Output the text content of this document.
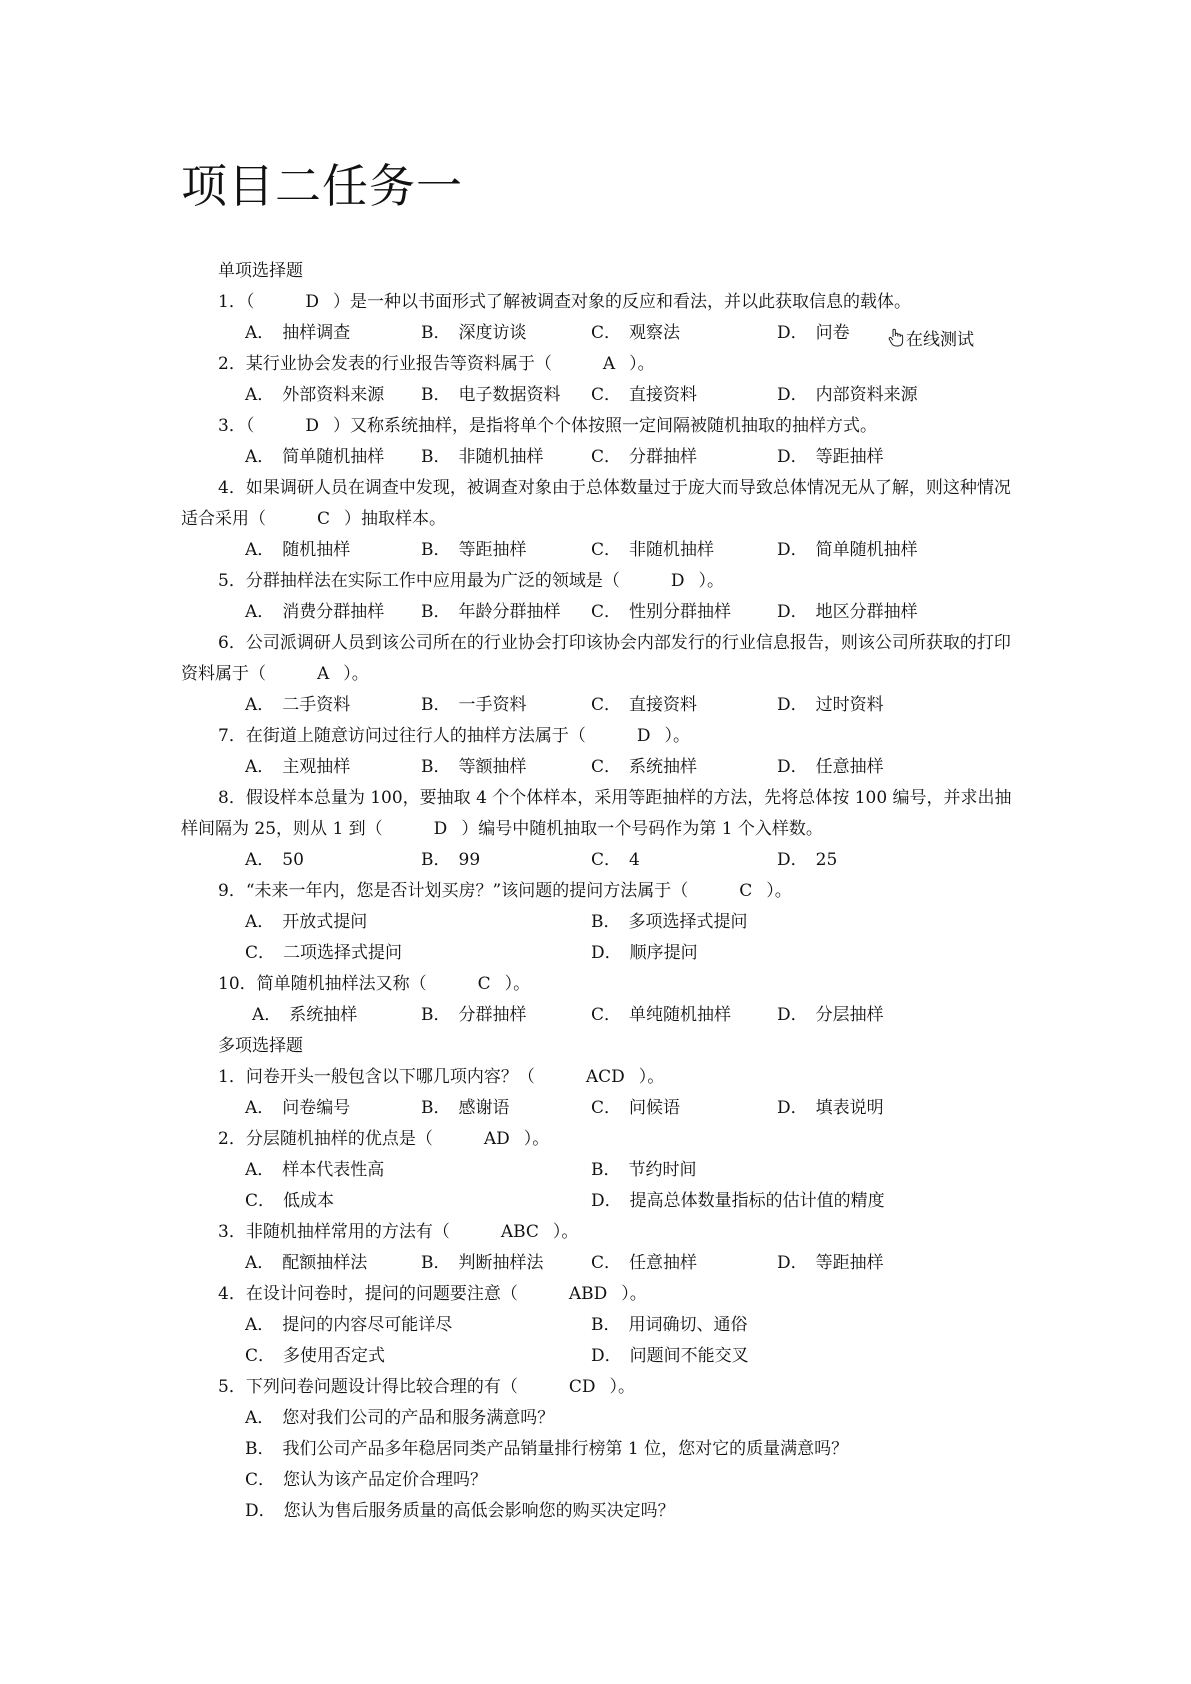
项目二任务一
在线测试
单项选择题
1．（	D ）是一种以书面形式了解被调查对象的反应和看法，并以此获取信息的载体。
A． 抽样调查	B． 深度访谈	C． 观察法	D． 问卷
2．某行业协会发表的行业报告等资料属于（	A ）。
A． 外部资料来源 B． 电子数据资料 C． 直接资料	D． 内部资料来源
3．（	D ）又称系统抽样，是指将单个个体按照一定间隔被随机抽取的抽样方式。
A． 简单随机抽样 B． 非随机抽样	C． 分群抽样	D． 等距抽样
4．如果调研人员在调查中发现，被调查对象由于总体数量过于庞大而导致总体情况无从了解，则这种情况适合采用（	C ）抽取样本。
A． 随机抽样	B． 等距抽样	C． 非随机抽样	D． 简单随机抽样
5．分群抽样法在实际工作中应用最为广泛的领域是（	D ）。
A． 消费分群抽样 B． 年龄分群抽样 C． 性别分群抽样	D． 地区分群抽样
6．公司派调研人员到该公司所在的行业协会打印该协会内部发行的行业信息报告，则该公司所获取的打印资料属于（	A ）。
A． 二手资料	B． 一手资料	C． 直接资料	D． 过时资料
7．在街道上随意访问过往行人的抽样方法属于（	D ）。
A． 主观抽样	B． 等额抽样	C． 系统抽样	D． 任意抽样
8．假设样本总量为 100，要抽取 4 个个体样本，采用等距抽样的方法，先将总体按 100 编号，并求出抽样间隔为 25，则从 1 到（	D ）编号中随机抽取一个号码作为第 1 个入样数。
A． 50	B． 99	C． 4	D． 25
9．“未来一年内，您是否计划买房？”该问题的提问方法属于（	C ）。
A． 开放式提问	B． 多项选择式提问
C． 二项选择式提问	D． 顺序提问
10．简单随机抽样法又称（	C ）。
A． 系统抽样	B． 分群抽样	C． 单纯随机抽样	D． 分层抽样
多项选择题
1．问卷开头一般包含以下哪几项内容？（	ACD ）。
A． 问卷编号	B． 感谢语	C． 问候语	D． 填表说明
2．分层随机抽样的优点是（	AD ）。
A． 样本代表性高	B． 节约时间
C． 低成本	D． 提高总体数量指标的估计值的精度
3．非随机抽样常用的方法有（	ABC ）。
A． 配额抽样法	B． 判断抽样法	C． 任意抽样	D． 等距抽样
4．在设计问卷时，提问的问题要注意（	ABD ）。
A． 提问的内容尽可能详尽	B． 用词确切、通俗
C． 多使用否定式	D． 问题间不能交叉
5．下列问卷问题设计得比较合理的有（	CD ）。
A． 您对我们公司的产品和服务满意吗？
B． 我们公司产品多年稳居同类产品销量排行榜第 1 位，您对它的质量满意吗？
C． 您认为该产品定价合理吗？
D． 您认为售后服务质量的高低会影响您的购买决定吗？
